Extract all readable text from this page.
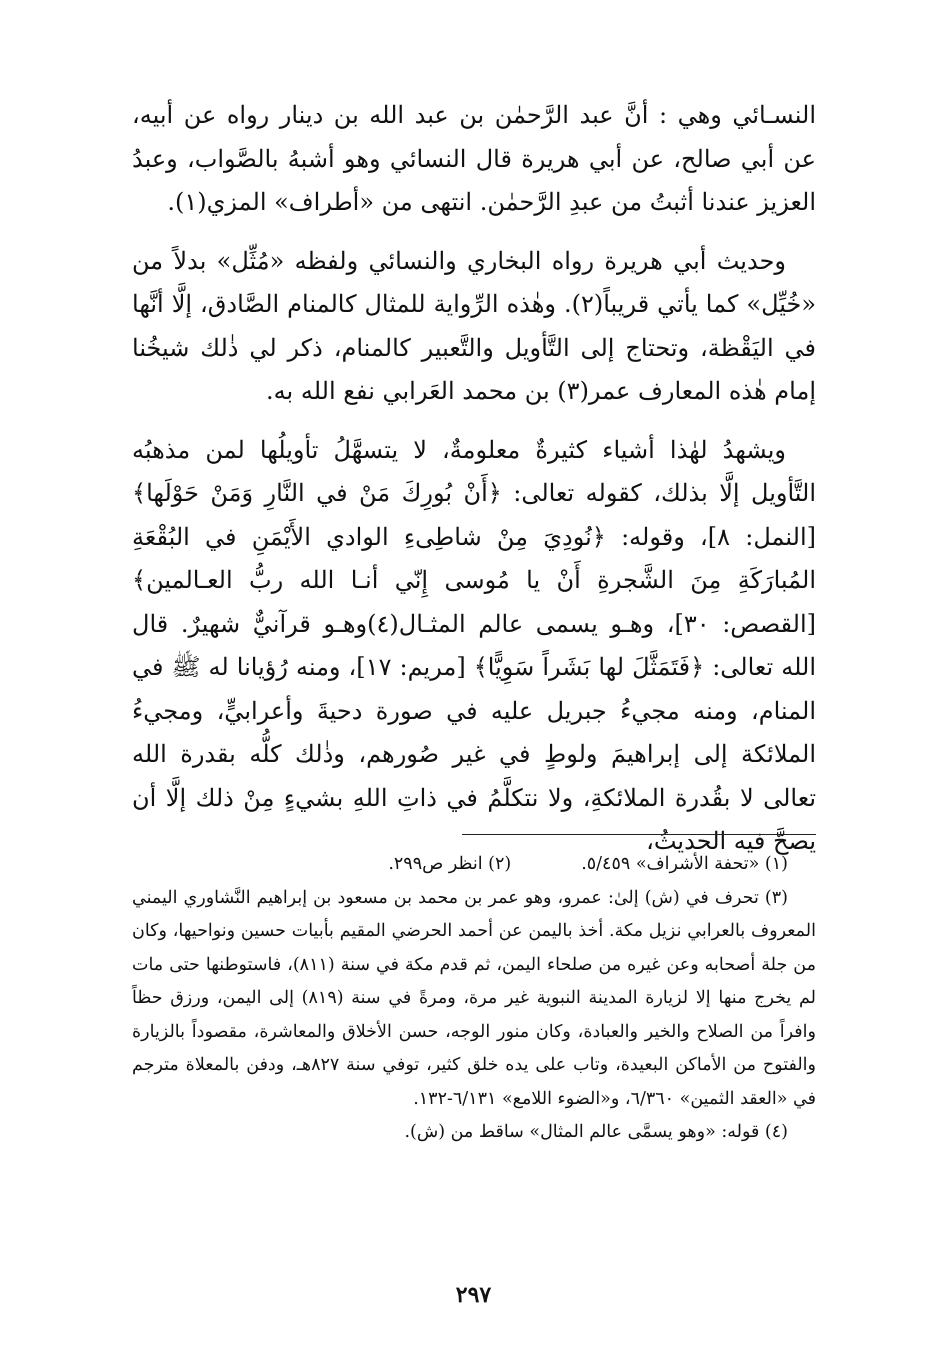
النسـائي وهي : أنَّ عبد الرَّحمٰن بن عبد الله بن دينار رواه عن أبيه، عن أبي صالح، عن أبي هريرة قال النسائي وهو أشبهُ بالصَّواب، وعبدُ العزيز عندنا أثبتُ من عبدِ الرَّحمٰن. انتهى من «أطراف» المزي(١).

وحديث أبي هريرة رواه البخاري والنسائي ولفظه «مُثِّل» بدلاً من «خُيِّل» كما يأتي قريباً(٢). وهٰذه الرِّواية للمثال كالمنام الصَّادق، إلَّا أنَّها في اليَقْظة، وتحتاج إلى التَّأويل والتَّعبير كالمنام، ذكر لي ذٰلك شيخُنا إمام هٰذه المعارف عمر(٣) بن محمد العَرابي نفع الله به.

ويشهدُ لهٰذا أشياء كثيرةٌ معلومةٌ، لا يتسهَّلُ تأويلُها لمن مذهبُه التَّأويل إلَّا بذلك، كقوله تعالى: ﴿أَنْ بُورِكَ مَنْ في النَّارِ وَمَنْ حَوْلَها﴾ [النمل: ٨]، وقوله: ﴿نُودِيَ مِنْ شاطِىءِ الوادي الأَيْمَنِ في البُقْعَةِ المُبارَكَةِ مِنَ الشَّجرةِ أَنْ يا مُوسى إِنّي أنـا الله ربُّ العـالمين﴾[القصص: ٣٠]، وهـو يسمى عالم المثـال(٤)وهـو قرآنيٌّ شهيرٌ. قال الله تعالى: ﴿فَتَمَثَّلَ لها بَشَراً سَوِيًّا﴾ [مريم: ١٧]، ومنه رُؤيانا له ﷺ في المنام، ومنه مجيءُ جبريل عليه في صورة دحيةَ وأعرابيٍّ، ومجيءُ الملائكة إلى إبراهيمَ ولوطٍ في غير صُورهم، وذٰلك كلُّه بقدرة الله تعالى لا بقُدرة الملائكةِ، ولا نتكلَّمُ في ذاتِ اللهِ بشيءٍ مِنْ ذلك إلَّا أن يصحَّ فيه الحديثُ،

(١) «تحفة الأشراف» ٥/٤٥٩.
(٢) انظر ص٢٩٩.

(٣) تحرف في (ش) إلىٰ: عمرو، وهو عمر بن محمد بن مسعود بن إبراهيم النَّشاوري اليمني المعروف بالعرابي نزيل مكة. أخذ باليمن عن أحمد الحرضي المقيم بأبيات حسين ونواحيها، وكان من جلة أصحابه وعن غيره من صلحاء اليمن، ثم قدم مكة في سنة (٨١١)، فاستوطنها حتى مات لم يخرج منها إلا لزيارة المدينة النبوية غير مرة، ومرةً في سنة (٨١٩) إلى اليمن، ورزق حظاً وافراً من الصلاح والخير والعبادة، وكان منور الوجه، حسن الأخلاق والمعاشرة، مقصوداً بالزيارة والفتوح من الأماكن البعيدة، وتاب على يده خلق كثير، توفي سنة ٨٢٧هـ، ودفن بالمعلاة مترجم في «العقد الثمين» ٦/٣٦٠، و«الضوء اللامع» ٦/١٣١-١٣٢.

(٤) قوله: «وهو يسمَّى عالم المثال» ساقط من (ش).

٢٩٧
